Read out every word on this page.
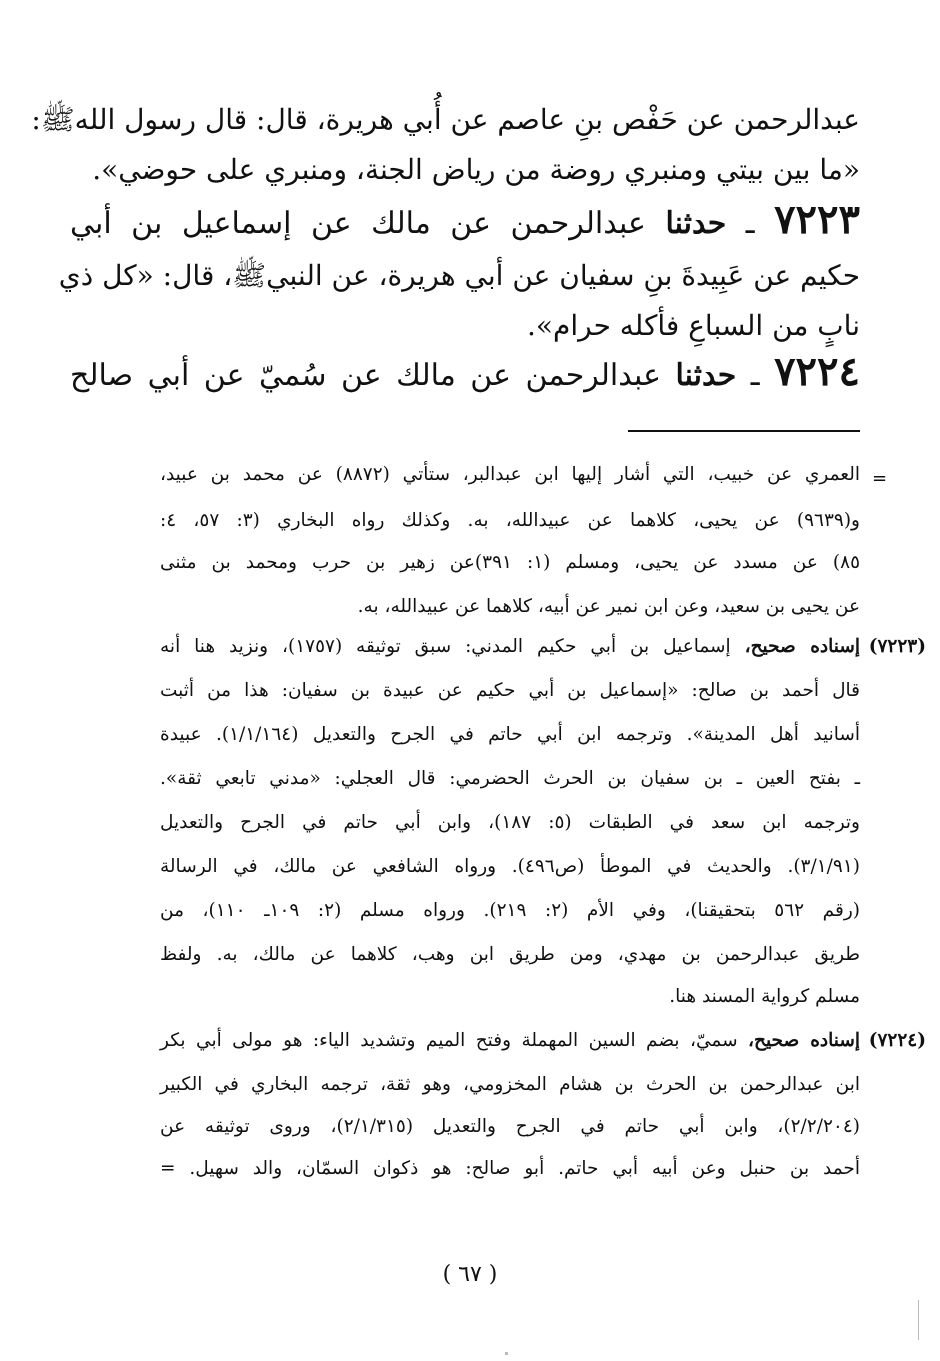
عبدالرحمن عن حَفْص بنِ عاصم عن أُبي هريرة، قال: قال رسول اللهﷺ:
«ما بين بيتي ومنبري روضة من رياض الجنة، ومنبري على حوضي».
٧٢٢٣ ـ حدثنا عبدالرحمن عن مالك عن إسماعيل بن أبي
حكيم عن عَبِيدةَ بنِ سفيان عن أبي هريرة، عن النبيﷺ، قال: «كل ذي
نابٍ من السباعِ فأكله حرام».
٧٢٢٤ ـ حدثنا عبدالرحمن عن مالك عن سُميّ عن أبي صالح
=
العمري عن خبيب، التي أشار إليها ابن عبدالبر، ستأتي (٨٨٧٢) عن محمد بن عبيد،
و(٩٦٣٩) عن يحيى، كلاهما عن عبيدالله، به. وكذلك رواه البخاري (٣: ٥٧، ٤:
٨٥) عن مسدد عن يحيى، ومسلم (١: ٣٩١)عن زهير بن حرب ومحمد بن مثنى
عن يحيى بن سعيد، وعن ابن نمير عن أبيه، كلاهما عن عبيدالله، به.
(٧٢٢٣)
إسناده صحيح، إسماعيل بن أبي حكيم المدني: سبق توثيقه (١٧٥٧)، ونزيد هنا أنه
قال أحمد بن صالح: «إسماعيل بن أبي حكيم عن عبيدة بن سفيان: هذا من أثبت
أسانيد أهل المدينة». وترجمه ابن أبي حاتم في الجرح والتعديل (١/١/١٦٤). عبيدة
ـ بفتح العين ـ بن سفيان بن الحرث الحضرمي: قال العجلي: «مدني تابعي ثقة».
وترجمه ابن سعد في الطبقات (٥: ١٨٧)، وابن أبي حاتم في الجرح والتعديل
(٣/١/٩١). والحديث في الموطأ (ص٤٩٦). ورواه الشافعي عن مالك، في الرسالة
(رقم ٥٦٢ بتحقيقنا)، وفي الأم (٢: ٢١٩). ورواه مسلم (٢: ١٠٩ـ ١١٠)، من
طريق عبدالرحمن بن مهدي، ومن طريق ابن وهب، كلاهما عن مالك، به. ولفظ
مسلم كرواية المسند هنا.
(٧٢٢٤)
إسناده صحيح، سميّ، بضم السين المهملة وفتح الميم وتشديد الياء: هو مولى أبي بكر
ابن عبدالرحمن بن الحرث بن هشام المخزومي، وهو ثقة، ترجمه البخاري في الكبير
(٢/٢/٢٠٤)، وابن أبي حاتم في الجرح والتعديل (٢/١/٣١٥)، وروى توثيقه عن
أحمد بن حنبل وعن أبيه أبي حاتم. أبو صالح: هو ذكوان السمّان، والد سهيل. =
( ٦٧ )
